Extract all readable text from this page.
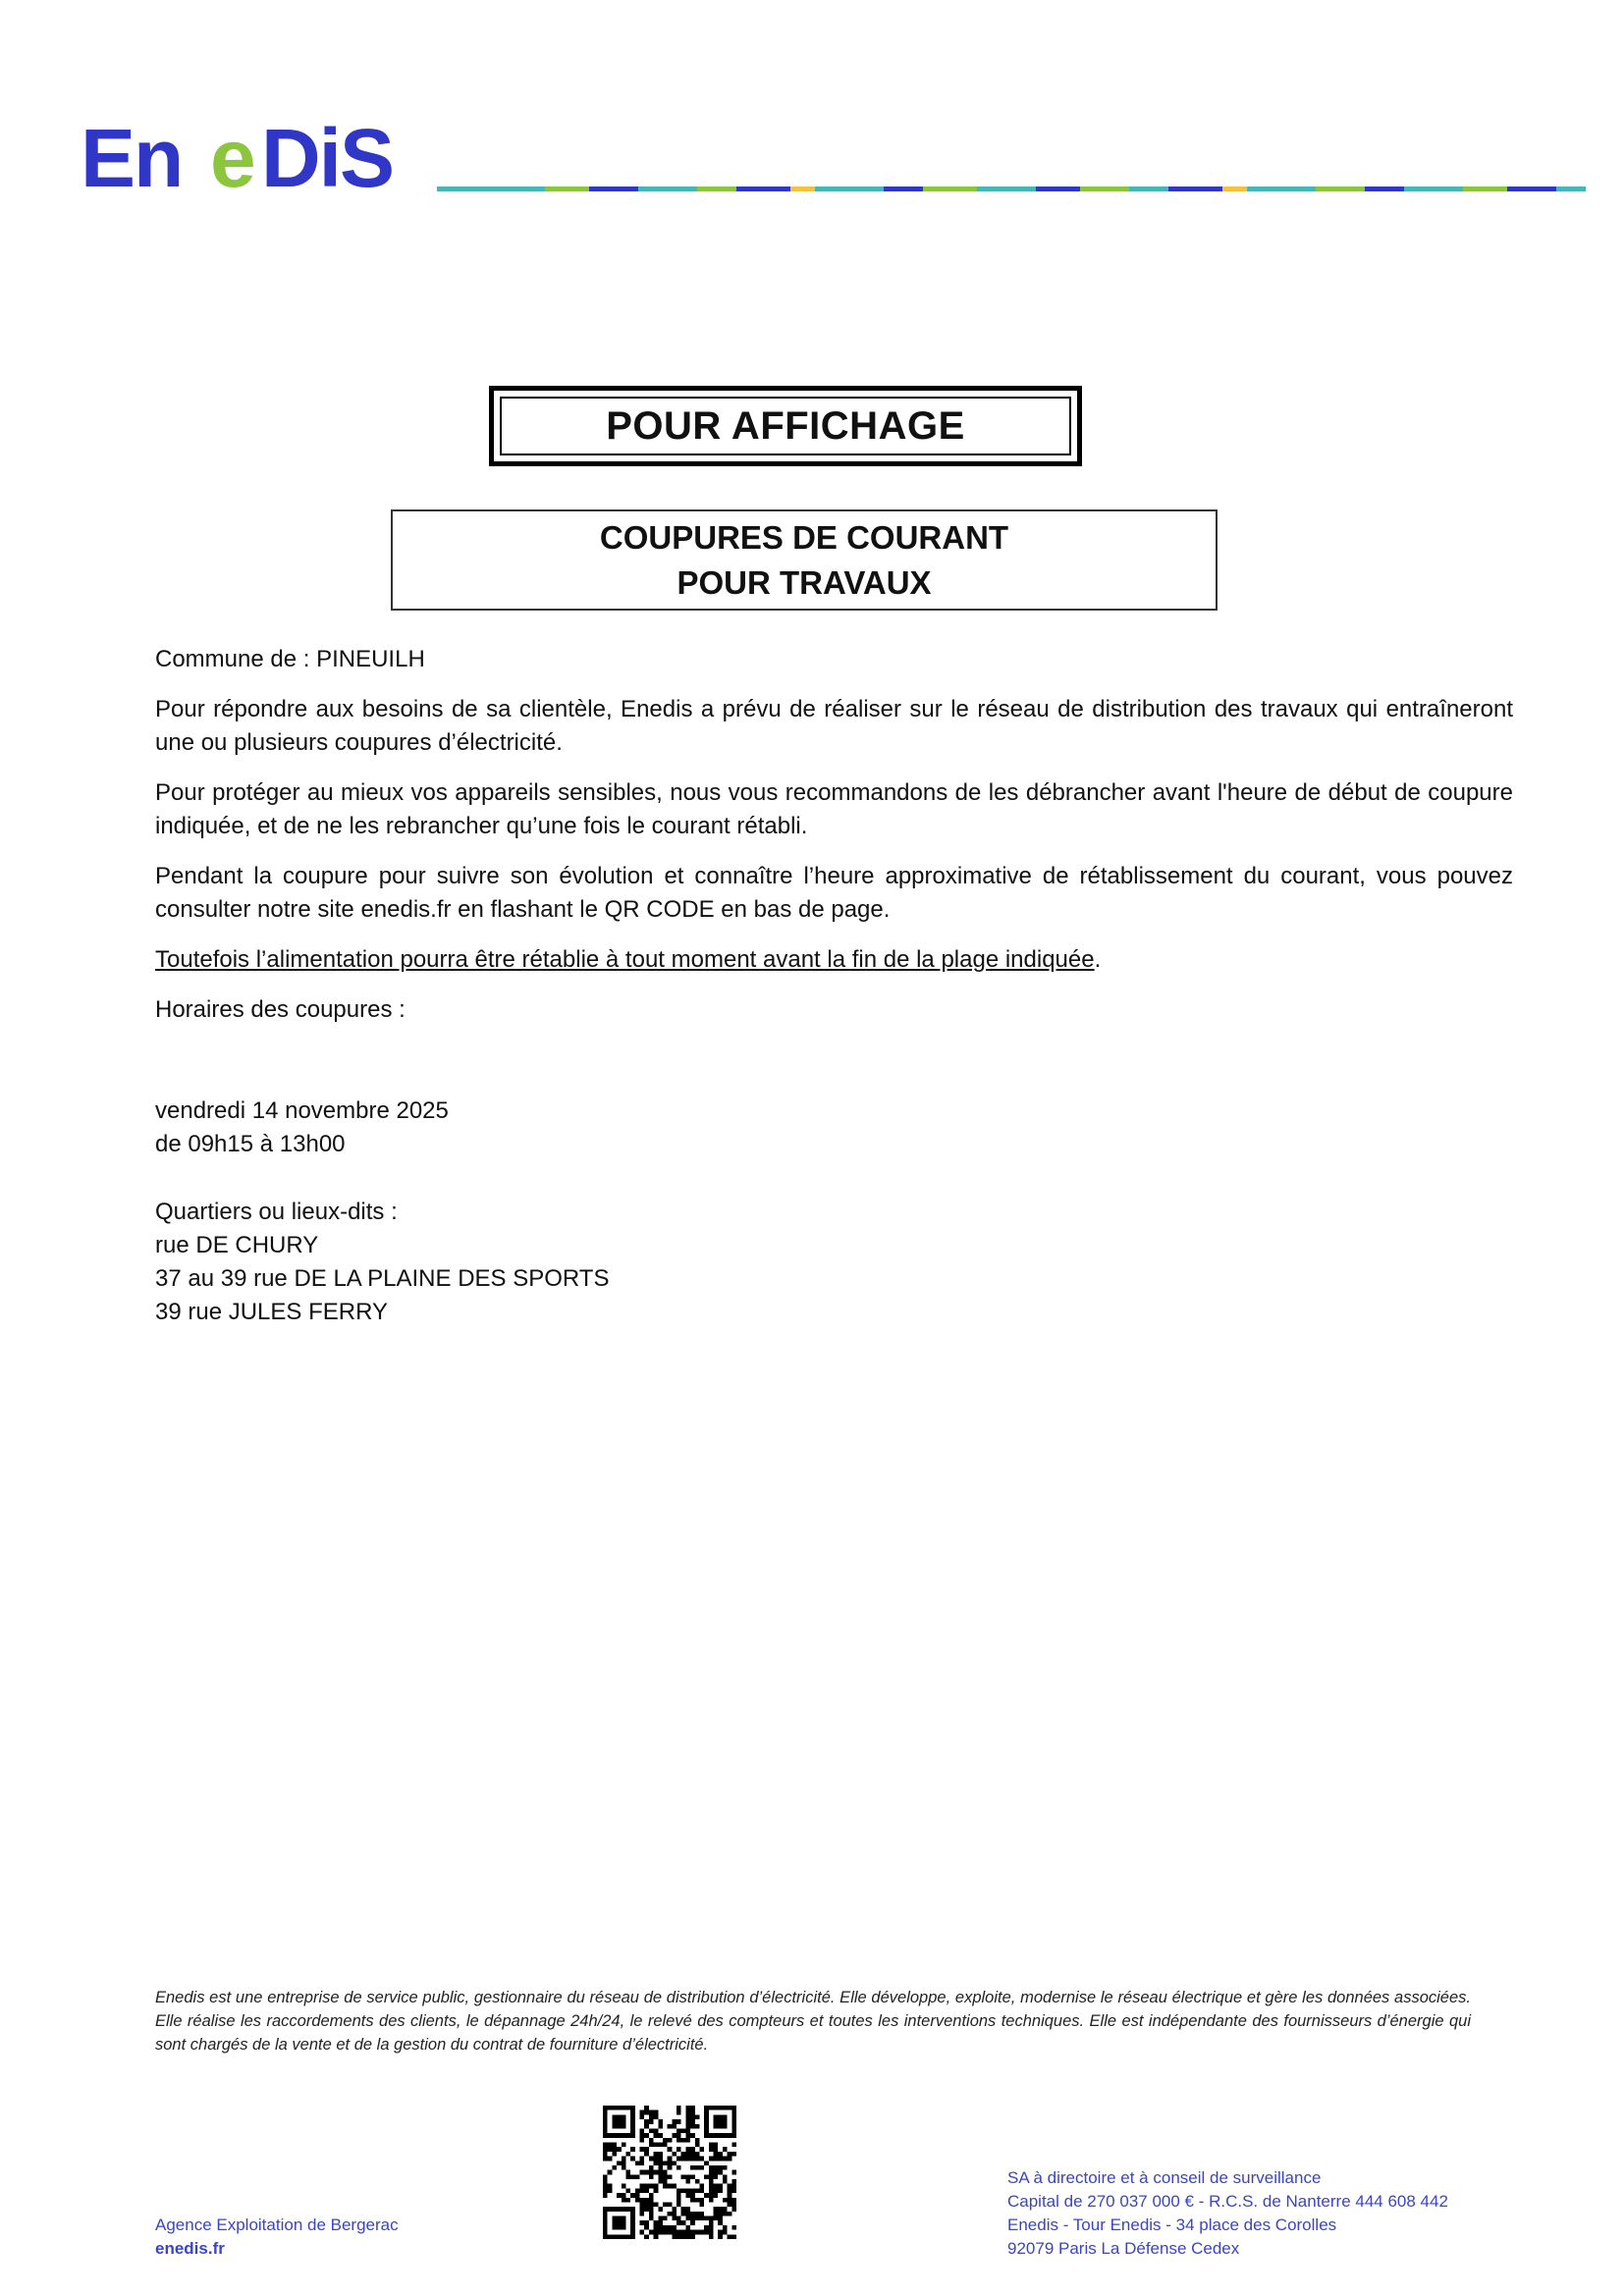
En e DiS
POUR AFFICHAGE
COUPURES DE COURANT
POUR TRAVAUX

Commune de : PINEUILH

Pour répondre aux besoins de sa clientèle, Enedis a prévu de réaliser sur le réseau de distribution des travaux qui entraîneront une ou plusieurs coupures d’électricité.

Pour protéger au mieux vos appareils sensibles, nous vous recommandons de les débrancher avant l'heure de début de coupure indiquée, et de ne les rebrancher qu’une fois le courant rétabli.

Pendant la coupure pour suivre son évolution et connaître l’heure approximative de rétablissement du courant, vous pouvez consulter notre site enedis.fr en flashant le QR CODE en bas de page.

Toutefois l’alimentation pourra être rétablie à tout moment avant la fin de la plage indiquée.

Horaires des coupures :

vendredi 14 novembre 2025
de 09h15 à 13h00
Quartiers ou lieux-dits :
rue DE CHURY
37 au 39 rue DE LA PLAINE DES SPORTS
39 rue JULES FERRY
Enedis est une entreprise de service public, gestionnaire du réseau de distribution d’électricité. Elle développe, exploite, modernise le réseau électrique et gère les données associées. Elle réalise les raccordements des clients, le dépannage 24h/24, le relevé des compteurs et toutes les interventions techniques. Elle est indépendante des fournisseurs d’énergie qui sont chargés de la vente et de la gestion du contrat de fourniture d’électricité.
Agence Exploitation de Bergerac
enedis.fr
SA à directoire et à conseil de surveillance
Capital de 270 037 000 € - R.C.S. de Nanterre 444 608 442
Enedis - Tour Enedis - 34 place des Corolles
92079 Paris La Défense Cedex
